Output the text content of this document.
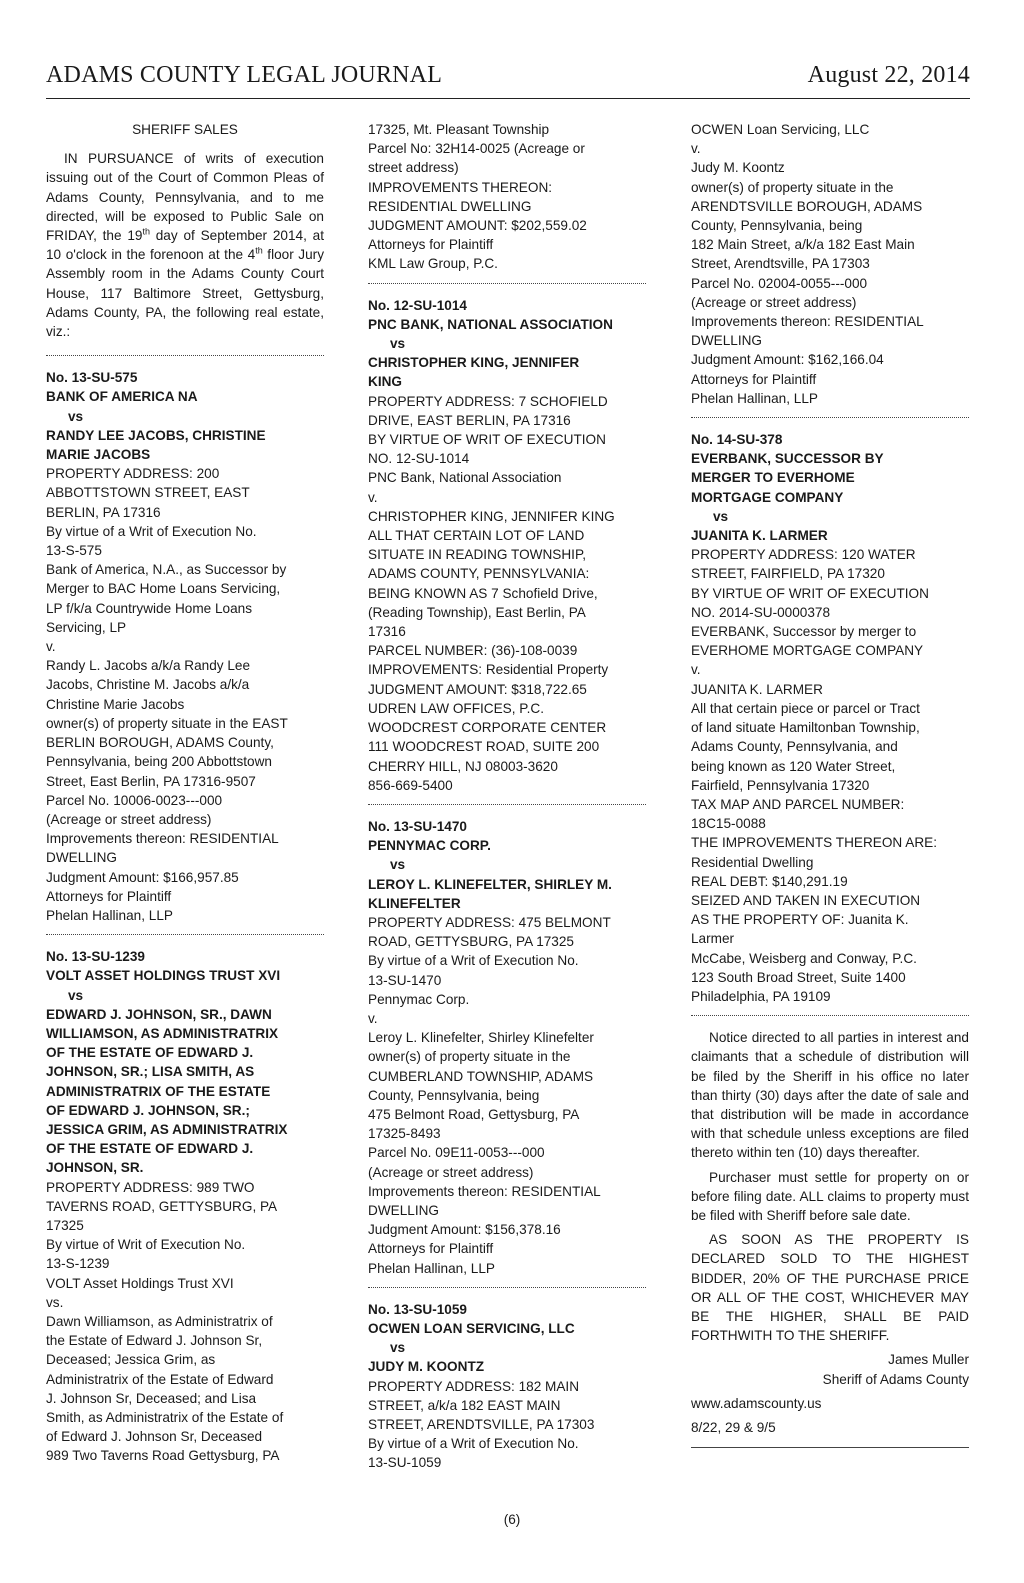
ADAMS COUNTY LEGAL JOURNAL	August 22, 2014
SHERIFF SALES

IN PURSUANCE of writs of execution issuing out of the Court of Common Pleas of Adams County, Pennsylvania, and to me directed, will be exposed to Public Sale on FRIDAY, the 19th day of September 2014, at 10 o'clock in the forenoon at the 4th floor Jury Assembly room in the Adams County Court House, 117 Baltimore Street, Gettysburg, Adams County, PA, the following real estate, viz.:

No. 13-SU-575
BANK OF AMERICA NA
vs
RANDY LEE JACOBS, CHRISTINE
MARIE JACOBS
PROPERTY ADDRESS: 200
ABBOTTSTOWN STREET, EAST
BERLIN, PA 17316
By virtue of a Writ of Execution No.
13-S-575
Bank of America, N.A., as Successor by
Merger to BAC Home Loans Servicing,
LP f/k/a Countrywide Home Loans
Servicing, LP
v.
Randy L. Jacobs a/k/a Randy Lee
Jacobs, Christine M. Jacobs a/k/a
Christine Marie Jacobs
owner(s) of property situate in the EAST
BERLIN BOROUGH, ADAMS County,
Pennsylvania, being 200 Abbottstown
Street, East Berlin, PA 17316-9507
Parcel No. 10006-0023---000
(Acreage or street address)
Improvements thereon: RESIDENTIAL
DWELLING
Judgment Amount: $166,957.85
Attorneys for Plaintiff
Phelan Hallinan, LLP
No. 13-SU-1239
VOLT ASSET HOLDINGS TRUST XVI
vs
EDWARD J. JOHNSON, SR., DAWN
WILLIAMSON, AS ADMINISTRATRIX
OF THE ESTATE OF EDWARD J.
JOHNSON, SR.; LISA SMITH, AS
ADMINISTRATRIX OF THE ESTATE
OF EDWARD J. JOHNSON, SR.;
JESSICA GRIM, AS ADMINISTRATRIX
OF THE ESTATE OF EDWARD J.
JOHNSON, SR.
PROPERTY ADDRESS: 989 TWO
TAVERNS ROAD, GETTYSBURG, PA
17325
By virtue of Writ of Execution No.
13-S-1239
VOLT Asset Holdings Trust XVI
vs.
Dawn Williamson, as Administratrix of
the Estate of Edward J. Johnson Sr,
Deceased; Jessica Grim, as
Administratrix of the Estate of Edward
J. Johnson Sr, Deceased; and Lisa
Smith, as Administratrix of the Estate of
of Edward J. Johnson Sr, Deceased
989 Two Taverns Road Gettysburg, PA
17325, Mt. Pleasant Township
Parcel No: 32H14-0025 (Acreage or
street address)
IMPROVEMENTS THEREON:
RESIDENTIAL DWELLING
JUDGMENT AMOUNT: $202,559.02
Attorneys for Plaintiff
KML Law Group, P.C.
No. 12-SU-1014
PNC BANK, NATIONAL ASSOCIATION
vs
CHRISTOPHER KING, JENNIFER
KING
PROPERTY ADDRESS: 7 SCHOFIELD
DRIVE, EAST BERLIN, PA 17316
BY VIRTUE OF WRIT OF EXECUTION
NO. 12-SU-1014
PNC Bank, National Association
v.
CHRISTOPHER KING, JENNIFER KING
ALL THAT CERTAIN LOT OF LAND
SITUATE IN READING TOWNSHIP,
ADAMS COUNTY, PENNSYLVANIA:
BEING KNOWN AS 7 Schofield Drive,
(Reading Township), East Berlin, PA
17316
PARCEL NUMBER: (36)-108-0039
IMPROVEMENTS: Residential Property
JUDGMENT AMOUNT: $318,722.65
UDREN LAW OFFICES, P.C.
WOODCREST CORPORATE CENTER
111 WOODCREST ROAD, SUITE 200
CHERRY HILL, NJ 08003-3620
856-669-5400
No. 13-SU-1470
PENNYMAC CORP.
vs
LEROY L. KLINEFELTER, SHIRLEY M.
KLINEFELTER
PROPERTY ADDRESS: 475 BELMONT
ROAD, GETTYSBURG, PA 17325
By virtue of a Writ of Execution No.
13-SU-1470
Pennymac Corp.
v.
Leroy L. Klinefelter, Shirley Klinefelter
owner(s) of property situate in the
CUMBERLAND TOWNSHIP, ADAMS
County, Pennsylvania, being
475 Belmont Road, Gettysburg, PA
17325-8493
Parcel No. 09E11-0053---000
(Acreage or street address)
Improvements thereon: RESIDENTIAL
DWELLING
Judgment Amount: $156,378.16
Attorneys for Plaintiff
Phelan Hallinan, LLP
No. 13-SU-1059
OCWEN LOAN SERVICING, LLC
vs
JUDY M. KOONTZ
PROPERTY ADDRESS: 182 MAIN
STREET, a/k/a 182 EAST MAIN
STREET, ARENDTSVILLE, PA 17303
By virtue of a Writ of Execution No.
13-SU-1059
OCWEN Loan Servicing, LLC
v.
Judy M. Koontz
owner(s) of property situate in the
ARENDTSVILLE BOROUGH, ADAMS
County, Pennsylvania, being
182 Main Street, a/k/a 182 East Main
Street, Arendtsville, PA 17303
Parcel No. 02004-0055---000
(Acreage or street address)
Improvements thereon: RESIDENTIAL
DWELLING
Judgment Amount: $162,166.04
Attorneys for Plaintiff
Phelan Hallinan, LLP
No. 14-SU-378
EVERBANK, SUCCESSOR BY
MERGER TO EVERHOME
MORTGAGE COMPANY
vs
JUANITA K. LARMER
PROPERTY ADDRESS: 120 WATER
STREET, FAIRFIELD, PA 17320
BY VIRTUE OF WRIT OF EXECUTION
NO. 2014-SU-0000378
EVERBANK, Successor by merger to
EVERHOME MORTGAGE COMPANY
v.
JUANITA K. LARMER
All that certain piece or parcel or Tract
of land situate Hamiltonban Township,
Adams County, Pennsylvania, and
being known as 120 Water Street,
Fairfield, Pennsylvania 17320
TAX MAP AND PARCEL NUMBER:
18C15-0088
THE IMPROVEMENTS THEREON ARE:
Residential Dwelling
REAL DEBT: $140,291.19
SEIZED AND TAKEN IN EXECUTION
AS THE PROPERTY OF: Juanita K.
Larmer
McCabe, Weisberg and Conway, P.C.
123 South Broad Street, Suite 1400
Philadelphia, PA 19109

Notice directed to all parties in interest and claimants that a schedule of distribution will be filed by the Sheriff in his office no later than thirty (30) days after the date of sale and that distribution will be made in accordance with that schedule unless exceptions are filed thereto within ten (10) days thereafter.

Purchaser must settle for property on or before filing date. ALL claims to property must be filed with Sheriff before sale date.

AS SOON AS THE PROPERTY IS DECLARED SOLD TO THE HIGHEST BIDDER, 20% OF THE PURCHASE PRICE OR ALL OF THE COST, WHICHEVER MAY BE THE HIGHER, SHALL BE PAID FORTHWITH TO THE SHERIFF.

James Muller
Sheriff of Adams County
www.adamscounty.us
8/22, 29 & 9/5
(6)
